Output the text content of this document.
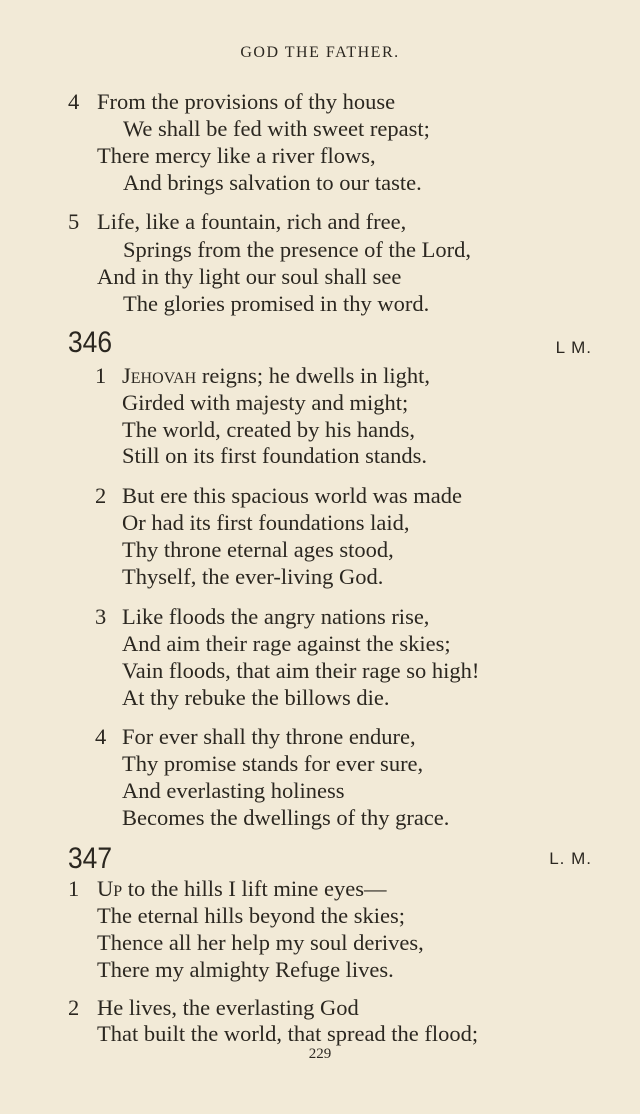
GOD THE FATHER.
4 From the provisions of thy house
We shall be fed with sweet repast;
There mercy like a river flows,
And brings salvation to our taste.
5 Life, like a fountain, rich and free,
Springs from the presence of the Lord,
And in thy light our soul shall see
The glories promised in thy word.
346	L M.
1 Jehovah reigns; he dwells in light,
Girded with majesty and might;
The world, created by his hands,
Still on its first foundation stands.
2 But ere this spacious world was made
Or had its first foundations laid,
Thy throne eternal ages stood,
Thyself, the ever-living God.
3 Like floods the angry nations rise,
And aim their rage against the skies;
Vain floods, that aim their rage so high!
At thy rebuke the billows die.
4 For ever shall thy throne endure,
Thy promise stands for ever sure,
And everlasting holiness
Becomes the dwellings of thy grace.
347	L. M.
1 Up to the hills I lift mine eyes—
The eternal hills beyond the skies;
Thence all her help my soul derives,
There my almighty Refuge lives.
2 He lives, the everlasting God
That built the world, that spread the flood;
229
